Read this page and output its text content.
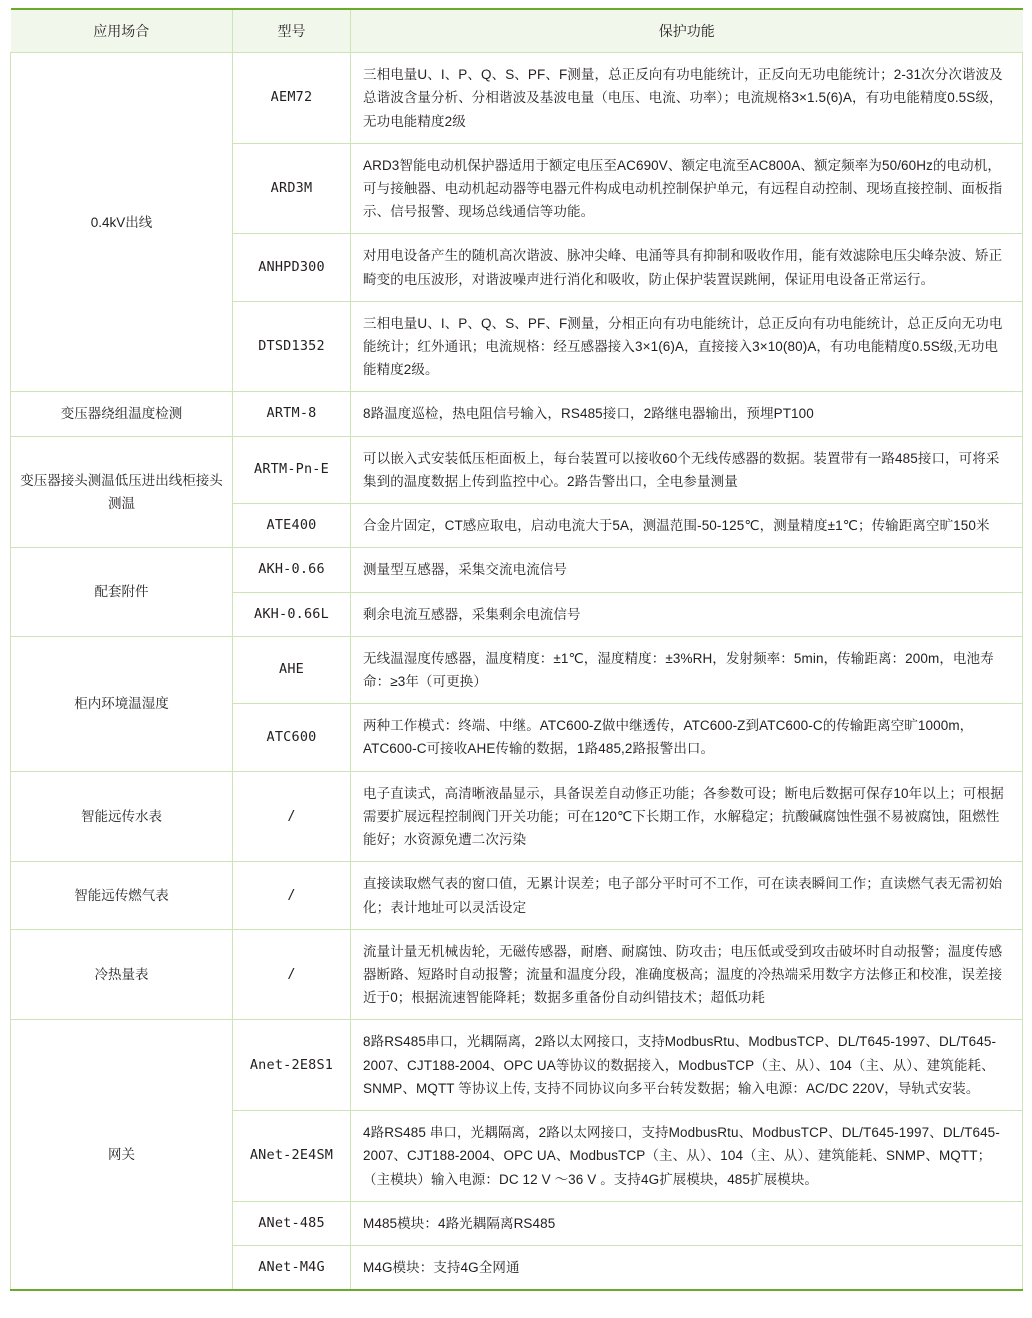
应用场合	型号	保护功能
0.4kV出线	AEM72	三相电量U、I、P、Q、S、PF、F测量，总正反向有功电能统计，正反向无功电能统计；2-31次分次谐波及总谐波含量分析、分相谐波及基波电量（电压、电流、功率）；电流规格3×1.5(6)A，有功电能精度0.5S级，无功电能精度2级
	ARD3M	ARD3智能电动机保护器适用于额定电压至AC690V、额定电流至AC800A、额定频率为50/60Hz的电动机，可与接触器、电动机起动器等电器元件构成电动机控制保护单元，有远程自动控制、现场直接控制、面板指示、信号报警、现场总线通信等功能。
	ANHPD300	对用电设备产生的随机高次谐波、脉冲尖峰、电涌等具有抑制和吸收作用，能有效滤除电压尖峰杂波、矫正畸变的电压波形，对谐波噪声进行消化和吸收，防止保护装置误跳闸，保证用电设备正常运行。
	DTSD1352	三相电量U、I、P、Q、S、PF、F测量，分相正向有功电能统计，总正反向有功电能统计，总正反向无功电能统计；红外通讯；电流规格：经互感器接入3×1(6)A，直接接入3×10(80)A，有功电能精度0.5S级,无功电能精度2级。
变压器绕组温度检测	ARTM-8	8路温度巡检，热电阻信号输入，RS485接口，2路继电器输出，预埋PT100
变压器接头测温低压进出线柜接头测温	ARTM-Pn-E	可以嵌入式安装低压柜面板上，每台装置可以接收60个无线传感器的数据。装置带有一路485接口，可将采集到的温度数据上传到监控中心。2路告警出口，全电参量测量
	ATE400	合金片固定，CT感应取电，启动电流大于5A，测温范围-50-125℃，测量精度±1℃；传输距离空旷150米
配套附件	AKH-0.66	测量型互感器，采集交流电流信号
	AKH-0.66L	剩余电流互感器，采集剩余电流信号
柜内环境温湿度	AHE	无线温湿度传感器，温度精度：±1℃，湿度精度：±3%RH，发射频率：5min，传输距离：200m，电池寿命：≥3年（可更换）
	ATC600	两种工作模式：终端、中继。ATC600-Z做中继透传，ATC600-Z到ATC600-C的传输距离空旷1000m，ATC600-C可接收AHE传输的数据，1路485,2路报警出口。
智能远传水表	/	电子直读式，高清晰液晶显示，具备误差自动修正功能；各参数可设；断电后数据可保存10年以上；可根据需要扩展远程控制阀门开关功能；可在120℃下长期工作，水解稳定；抗酸碱腐蚀性强不易被腐蚀，阻燃性能好；水资源免遭二次污染
智能远传燃气表	/	直接读取燃气表的窗口值，无累计误差；电子部分平时可不工作，可在读表瞬间工作；直读燃气表无需初始化；表计地址可以灵活设定
冷热量表	/	流量计量无机械齿轮，无磁传感器，耐磨、耐腐蚀、防攻击；电压低或受到攻击破坏时自动报警；温度传感器断路、短路时自动报警；流量和温度分段，准确度极高；温度的冷热端采用数字方法修正和校准，误差接近于0；根据流速智能降耗；数据多重备份自动纠错技术；超低功耗
网关	Anet-2E8S1	8路RS485串口，光耦隔离，2路以太网接口，支持ModbusRtu、ModbusTCP、DL/T645-1997、DL/T645-2007、CJT188-2004、OPC UA等协议的数据接入，ModbusTCP（主、从）、104（主、从）、建筑能耗、SNMP、MQTT 等协议上传, 支持不同协议向多平台转发数据；输入电源：AC/DC 220V，导轨式安装。
	ANet-2E4SM	4路RS485 串口，光耦隔离，2路以太网接口，支持ModbusRtu、ModbusTCP、DL/T645-1997、DL/T645-2007、CJT188-2004、OPC UA、ModbusTCP（主、从）、104（主、从）、建筑能耗、SNMP、MQTT；（主模块）输入电源：DC 12 V ～36 V 。支持4G扩展模块，485扩展模块。
	ANet-485	M485模块：4路光耦隔离RS485
	ANet-M4G	M4G模块：支持4G全网通
